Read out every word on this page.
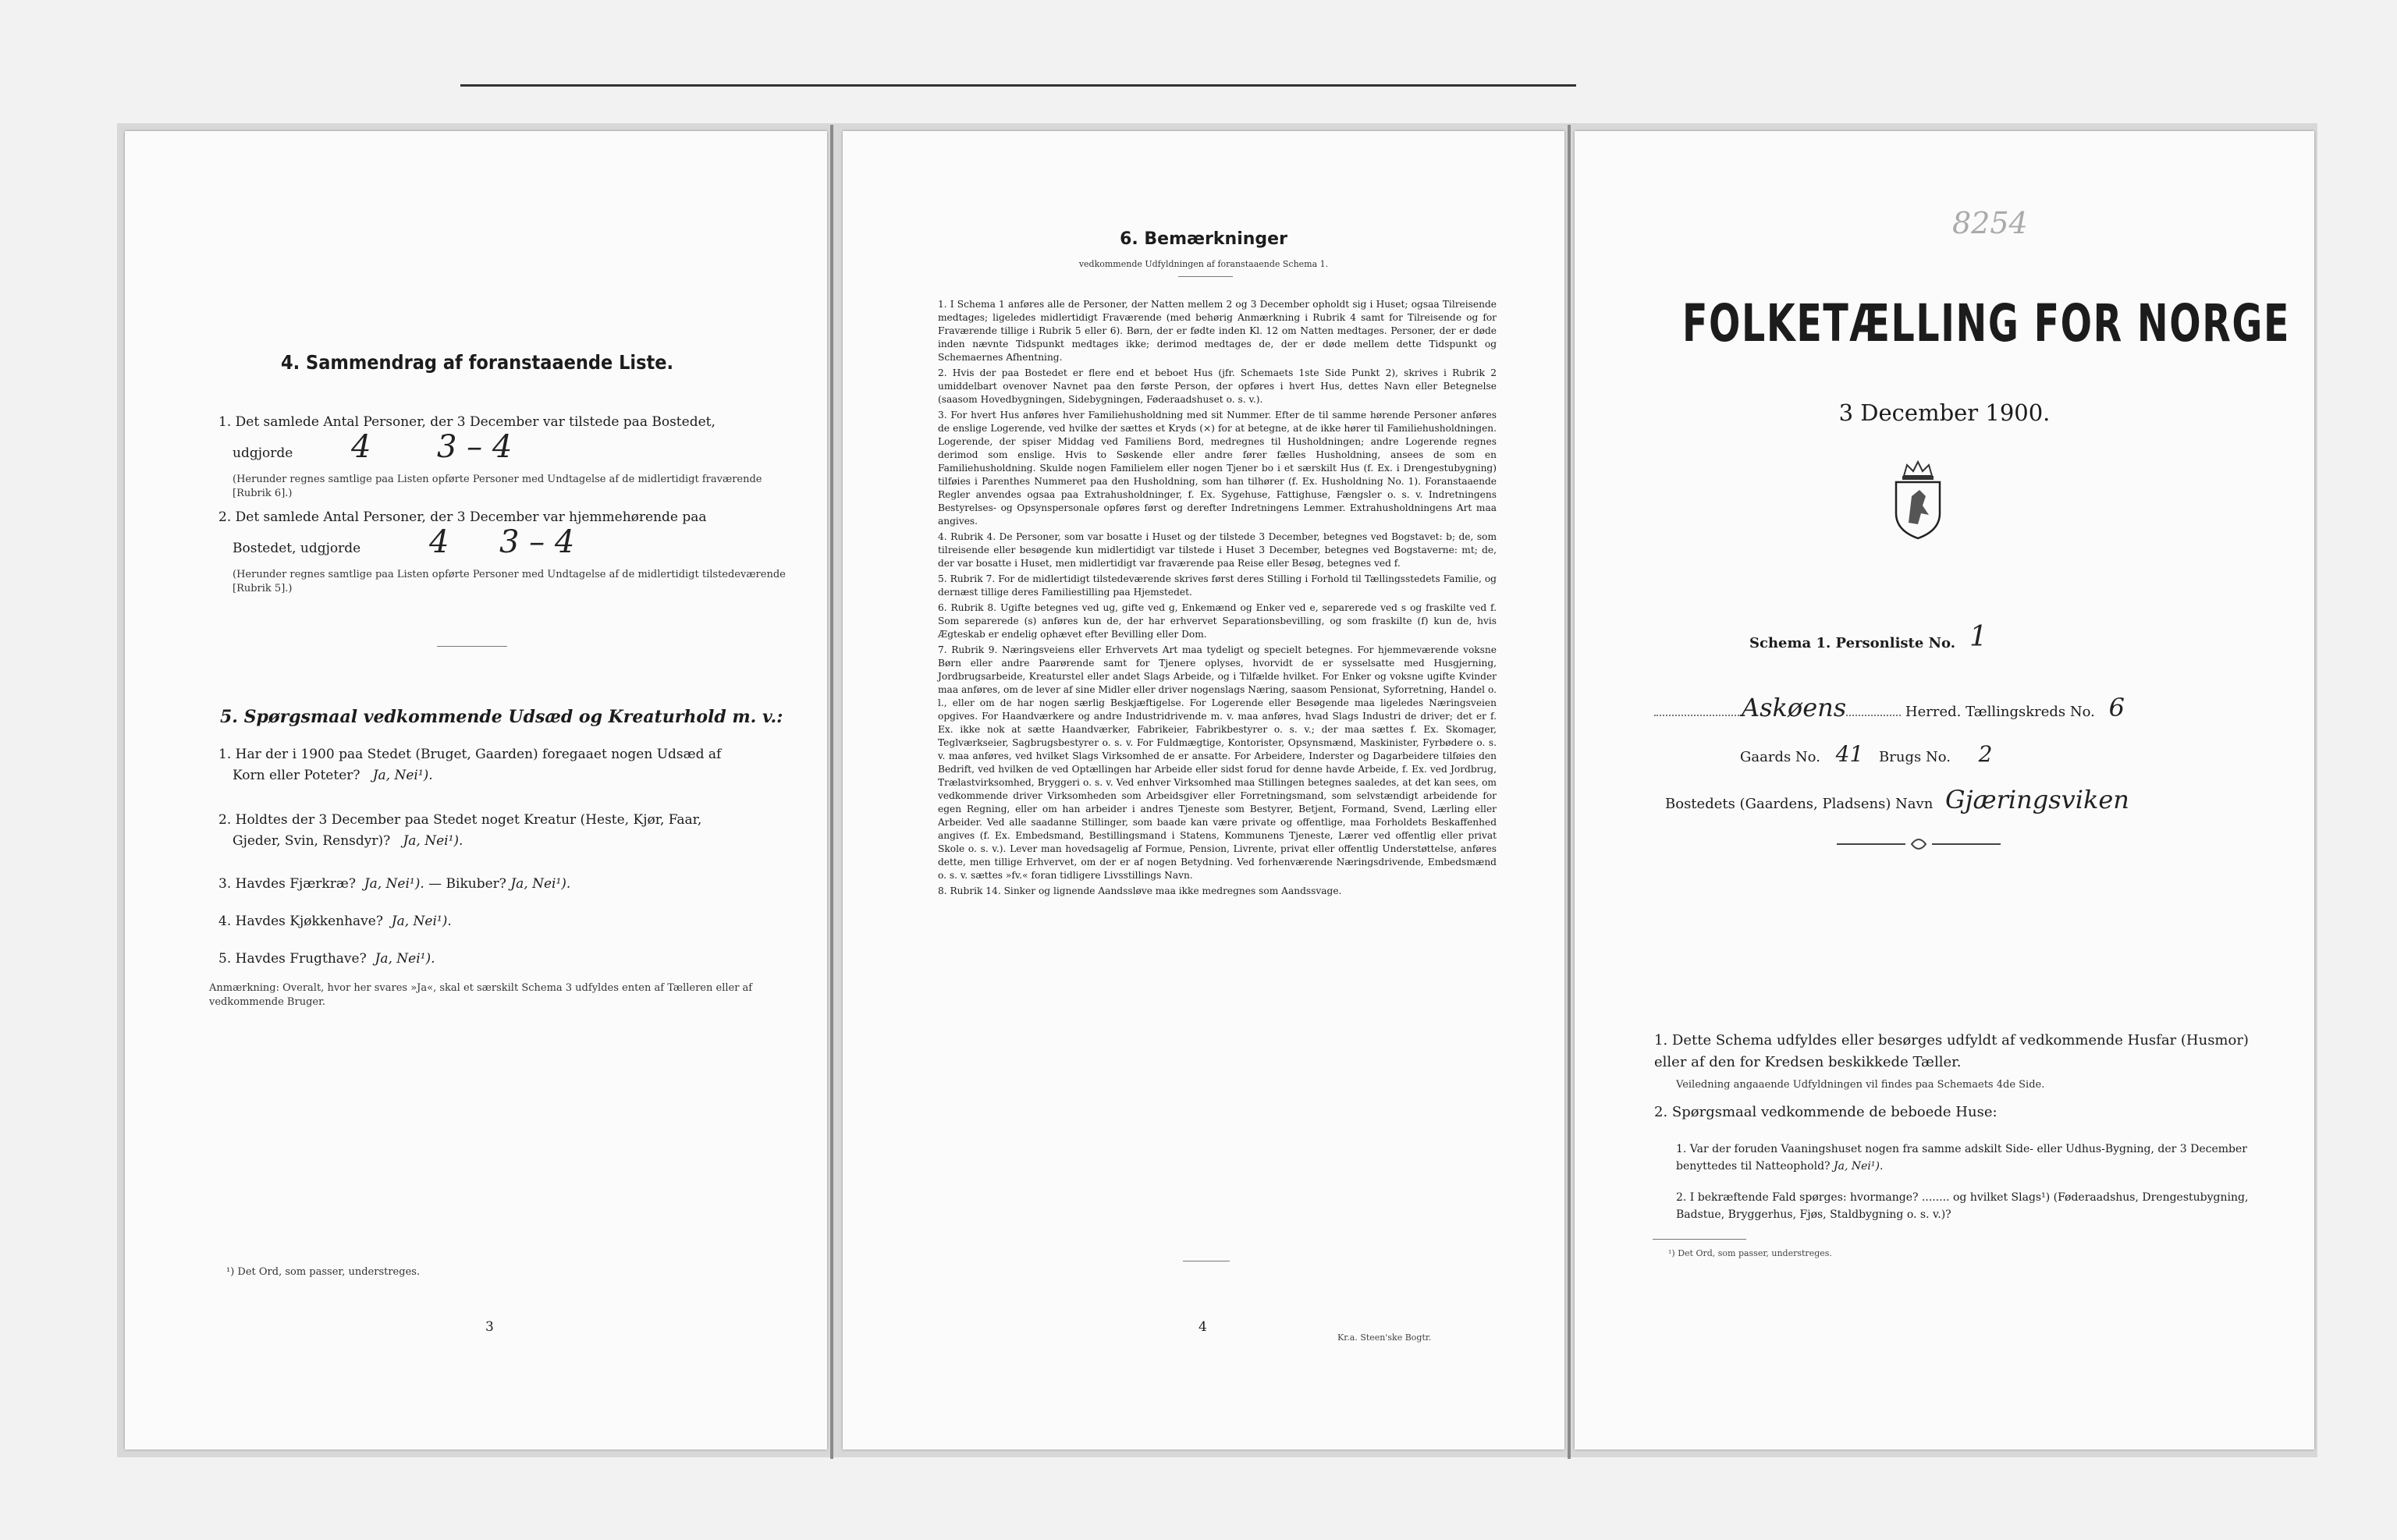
4. Sammendrag af foranstaaende Liste.
1. Det samlede Antal Personer, der 3 December var tilstede paa Bostedet,
udgjorde 4 3 – 4
(Herunder regnes samtlige paa Listen opførte Personer med Undtagelse af de midlertidigt fraværende [Rubrik 6].)
2. Det samlede Antal Personer, der 3 December var hjemmehørende paa
Bostedet, udgjorde 4 3 – 4
(Herunder regnes samtlige paa Listen opførte Personer med Undtagelse af de midlertidigt tilstedeværende [Rubrik 5].)
5. Spørgsmaal vedkommende Udsæd og Kreaturhold m. v.:
1. Har der i 1900 paa Stedet (Bruget, Gaarden) foregaaet nogen Udsæd af
Korn eller Poteter? Ja, Nei¹).
2. Holdtes der 3 December paa Stedet noget Kreatur (Heste, Kjør, Faar,
Gjeder, Svin, Rensdyr)? Ja, Nei¹).
3. Havdes Fjærkræ? Ja, Nei¹). — Bikuber? Ja, Nei¹).
4. Havdes Kjøkkenhave? Ja, Nei¹).
5. Havdes Frugthave? Ja, Nei¹).
Anmærkning: Overalt, hvor her svares »Ja«, skal et særskilt Schema 3 udfyldes enten af Tælleren eller af vedkommende Bruger.
¹) Det Ord, som passer, understreges.
3
6. Bemærkninger
vedkommende Udfyldningen af foranstaaende Schema 1.
1. I Schema 1 anføres alle de Personer, der Natten mellem 2 og 3 December opholdt sig i Huset; ogsaa Tilreisende medtages; ligeledes midlertidigt Fraværende (med behørig Anmærkning i Rubrik 4 samt for Tilreisende og for Fraværende tillige i Rubrik 5 eller 6). Børn, der er fødte inden Kl. 12 om Natten medtages. Personer, der er døde inden nævnte Tidspunkt medtages ikke; derimod medtages de, der er døde mellem dette Tidspunkt og Schemaernes Afhentning.
2. Hvis der paa Bostedet er flere end et beboet Hus (jfr. Schemaets 1ste Side Punkt 2), skrives i Rubrik 2 umiddelbart ovenover Navnet paa den første Person, der opføres i hvert Hus, dettes Navn eller Betegnelse (saasom Hovedbygningen, Sidebygningen, Føderaadshuset o. s. v.).
3. For hvert Hus anføres hver Familiehusholdning med sit Nummer. Efter de til samme hørende Personer anføres de enslige Logerende, ved hvilke der sættes et Kryds (×) for at betegne, at de ikke hører til Familiehusholdningen. Logerende, der spiser Middag ved Familiens Bord, medregnes til Husholdningen; andre Logerende regnes derimod som enslige. Hvis to Søskende eller andre fører fælles Husholdning, ansees de som en Familiehusholdning. Skulde nogen Familielem eller nogen Tjener bo i et særskilt Hus (f. Ex. i Drengestubygning) tilføies i Parenthes Nummeret paa den Husholdning, som han tilhører (f. Ex. Husholdning No. 1). Foranstaaende Regler anvendes ogsaa paa Extrahusholdninger, f. Ex. Sygehuse, Fattighuse, Fængsler o. s. v. Indretningens Bestyrelses- og Opsynspersonale opføres først og derefter Indretningens Lemmer. Extrahusholdningens Art maa angives.
4. Rubrik 4. De Personer, som var bosatte i Huset og der tilstede 3 December, betegnes ved Bogstavet: b; de, som tilreisende eller besøgende kun midlertidigt var tilstede i Huset 3 December, betegnes ved Bogstaverne: mt; de, der var bosatte i Huset, men midlertidigt var fraværende paa Reise eller Besøg, betegnes ved f.
5. Rubrik 7. For de midlertidigt tilstedeværende skrives først deres Stilling i Forhold til Tællingsstedets Familie, og dernæst tillige deres Familiestilling paa Hjemstedet.
6. Rubrik 8. Ugifte betegnes ved ug, gifte ved g, Enkemænd og Enker ved e, separerede ved s og fraskilte ved f. Som separerede (s) anføres kun de, der har erhvervet Separationsbevilling, og som fraskilte (f) kun de, hvis Ægteskab er endelig ophævet efter Bevilling eller Dom.
7. Rubrik 9. Næringsveiens eller Erhvervets Art maa tydeligt og specielt betegnes. For hjemmeværende voksne Børn eller andre Paarørende samt for Tjenere oplyses, hvorvidt de er sysselsatte med Husgjerning, Jordbrugsarbeide, Kreaturstel eller andet Slags Arbeide, og i Tilfælde hvilket. For Enker og voksne ugifte Kvinder maa anføres, om de lever af sine Midler eller driver nogenslags Næring, saasom Pensionat, Syforretning, Handel o. l., eller om de har nogen særlig Beskjæftigelse. For Logerende eller Besøgende maa ligeledes Næringsveien opgives. For Haandværkere og andre Industridrivende m. v. maa anføres, hvad Slags Industri de driver; det er f. Ex. ikke nok at sætte Haandværker, Fabrikeier, Fabrikbestyrer o. s. v.; der maa sættes f. Ex. Skomager, Teglværkseier, Sagbrugsbestyrer o. s. v. For Fuldmægtige, Kontorister, Opsynsmænd, Maskinister, Fyrbødere o. s. v. maa anføres, ved hvilket Slags Virksomhed de er ansatte. For Arbeidere, Inderster og Dagarbeidere tilføies den Bedrift, ved hvilken de ved Optællingen har Arbeide eller sidst forud for denne havde Arbeide, f. Ex. ved Jordbrug, Trælastvirksomhed, Bryggeri o. s. v. Ved enhver Virksomhed maa Stillingen betegnes saaledes, at det kan sees, om vedkommende driver Virksomheden som Arbeidsgiver eller Forretningsmand, som selvstændigt arbeidende for egen Regning, eller om han arbeider i andres Tjeneste som Bestyrer, Betjent, Formand, Svend, Lærling eller Arbeider. Ved alle saadanne Stillinger, som baade kan være private og offentlige, maa Forholdets Beskaffenhed angives (f. Ex. Embedsmand, Bestillingsmand i Statens, Kommunens Tjeneste, Lærer ved offentlig eller privat Skole o. s. v.). Lever man hovedsagelig af Formue, Pension, Livrente, privat eller offentlig Understøttelse, anføres dette, men tillige Erhvervet, om der er af nogen Betydning. Ved forhenværende Næringsdrivende, Embedsmænd o. s. v. sættes »fv.« foran tidligere Livsstillings Navn.
8. Rubrik 14. Sinker og lignende Aandssløve maa ikke medregnes som Aandssvage.
4
Kr.a. Steen'ske Bogtr.
8254
FOLKETÆLLING FOR NORGE
3 December 1900.
Schema 1. Personliste No. 1
Askøens	Herred. Tællingskreds No. 6
Gaards No. 41 Brugs No. 2
Bostedets (Gaardens, Pladsens) Navn Gjæringsviken
1. Dette Schema udfyldes eller besørges udfyldt af vedkommende Husfar (Husmor) eller af den for Kredsen beskikkede Tæller.
Veiledning angaaende Udfyldningen vil findes paa Schemaets 4de Side.
2. Spørgsmaal vedkommende de beboede Huse:
1. Var der foruden Vaaningshuset nogen fra samme adskilt Side- eller Udhus-Bygning, der 3 December benyttedes til Natteophold? Ja, Nei¹).
2. I bekræftende Fald spørges: hvormange? ........ og hvilket Slags¹) (Føderaadshus, Drengestubygning, Badstue, Bryggerhus, Fjøs, Staldbygning o. s. v.)?
¹) Det Ord, som passer, understreges.
